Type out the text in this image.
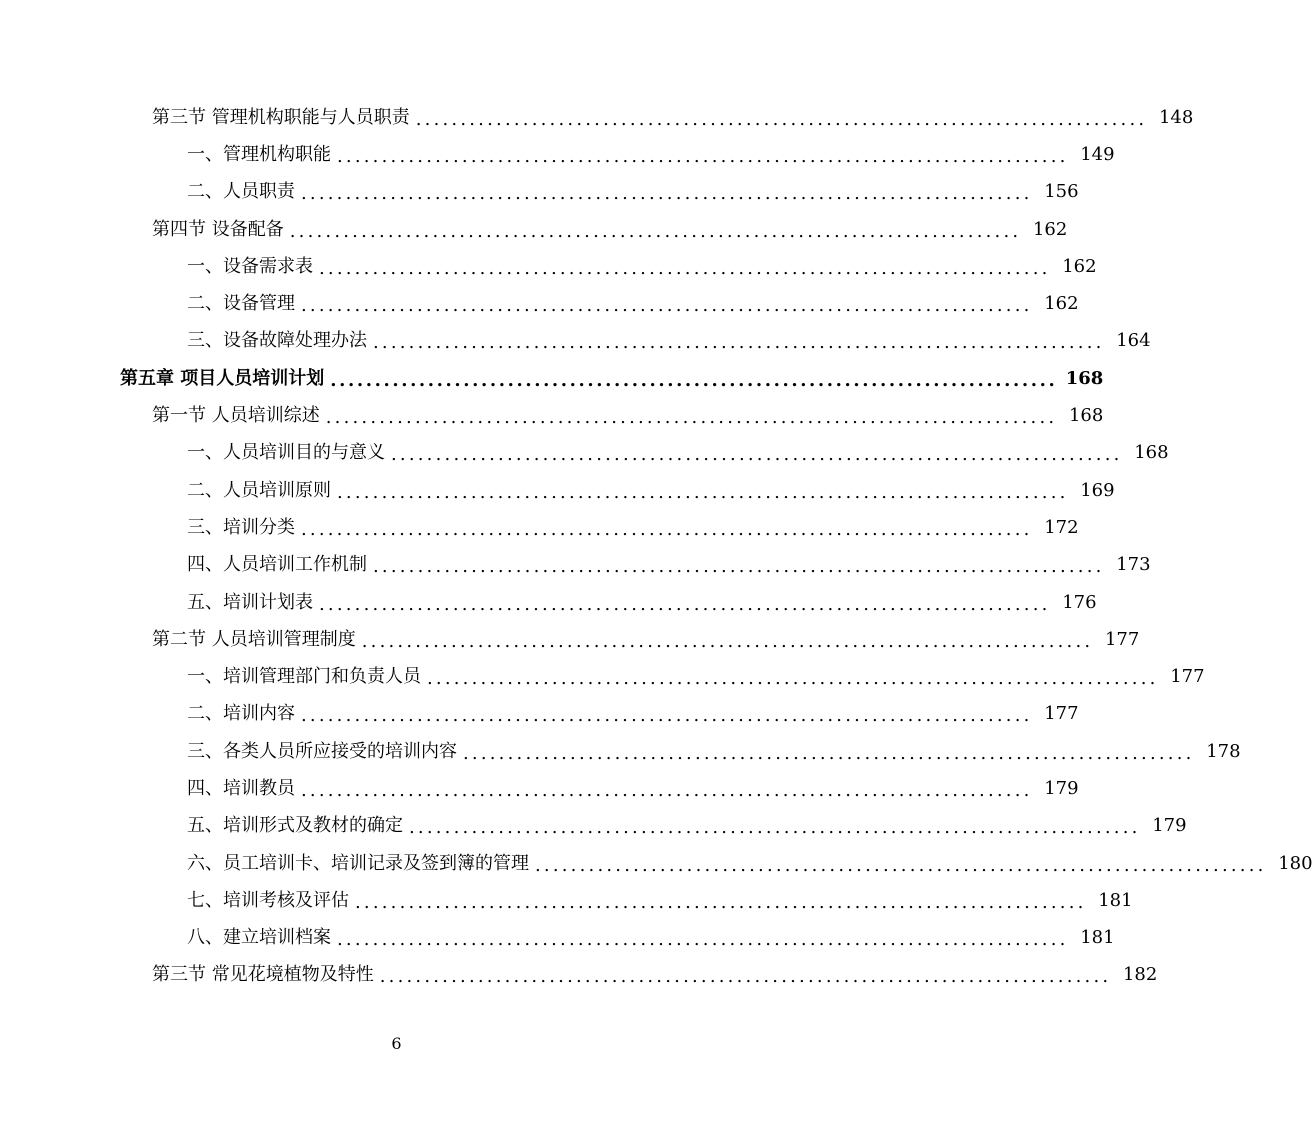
第三节 管理机构职能与人员职责 .................................................................................. 148
一、管理机构职能 .................................................................................. 149
二、人员职责 .................................................................................. 156
第四节 设备配备 .................................................................................. 162
一、设备需求表 .................................................................................. 162
二、设备管理 .................................................................................. 162
三、设备故障处理办法 .................................................................................. 164
第五章 项目人员培训计划 .................................................................................. 168
第一节 人员培训综述 .................................................................................. 168
一、人员培训目的与意义 .................................................................................. 168
二、人员培训原则 .................................................................................. 169
三、培训分类 .................................................................................. 172
四、人员培训工作机制 .................................................................................. 173
五、培训计划表 .................................................................................. 176
第二节 人员培训管理制度 .................................................................................. 177
一、培训管理部门和负责人员 .................................................................................. 177
二、培训内容 .................................................................................. 177
三、各类人员所应接受的培训内容 .................................................................................. 178
四、培训教员 .................................................................................. 179
五、培训形式及教材的确定 .................................................................................. 179
六、员工培训卡、培训记录及签到簿的管理 .................................................................................. 180
七、培训考核及评估 .................................................................................. 181
八、建立培训档案 .................................................................................. 181
第三节 常见花境植物及特性 .................................................................................. 182
6
